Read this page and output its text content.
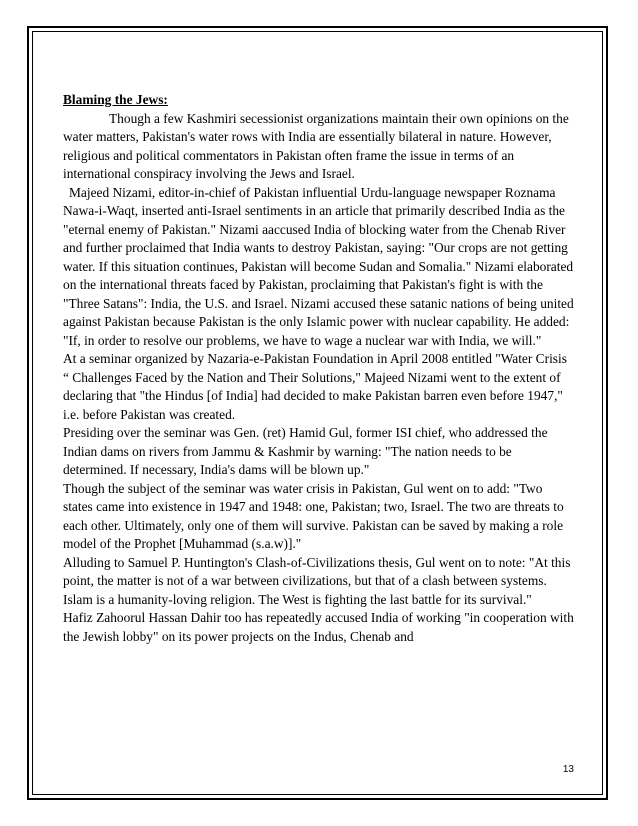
Blaming the Jews:

Though a few Kashmiri secessionist organizations maintain their own opinions on the water matters, Pakistan's water rows with India are essentially bilateral in nature. However, religious and political commentators in Pakistan often frame the issue in terms of an international conspiracy involving the Jews and Israel.

Majeed Nizami, editor-in-chief of Pakistan influential Urdu-language newspaper Roznama Nawa-i-Waqt, inserted anti-Israel sentiments in an article that primarily described India as the "eternal enemy of Pakistan." Nizami aaccused India of blocking water from the Chenab River and further proclaimed that India wants to destroy Pakistan, saying: "Our crops are not getting water. If this situation continues, Pakistan will become Sudan and Somalia." Nizami elaborated on the international threats faced by Pakistan, proclaiming that Pakistan's fight is with the "Three Satans": India, the U.S. and Israel. Nizami accused these satanic nations of being united against Pakistan because Pakistan is the only Islamic power with nuclear capability. He added: "If, in order to resolve our problems, we have to wage a nuclear war with India, we will."

At a seminar organized by Nazaria-e-Pakistan Foundation in April 2008 entitled "Water Crisis “ Challenges Faced by the Nation and Their Solutions," Majeed Nizami went to the extent of declaring that "the Hindus [of India] had decided to make Pakistan barren even before 1947," i.e. before Pakistan was created.

Presiding over the seminar was Gen. (ret) Hamid Gul, former ISI chief, who addressed the Indian dams on rivers from Jammu & Kashmir by warning: "The nation needs to be determined. If necessary, India's dams will be blown up."

Though the subject of the seminar was water crisis in Pakistan, Gul went on to add: "Two states came into existence in 1947 and 1948: one, Pakistan; two, Israel. The two are threats to each other. Ultimately, only one of them will survive. Pakistan can be saved by making a role model of the Prophet [Muhammad (s.a.w)]."

Alluding to Samuel P. Huntington's Clash-of-Civilizations thesis, Gul went on to note: "At this point, the matter is not of a war between civilizations, but that of a clash between systems. Islam is a humanity-loving religion. The West is fighting the last battle for its survival."

Hafiz Zahoorul Hassan Dahir too has repeatedly accused India of working "in cooperation with the Jewish lobby" on its power projects on the Indus, Chenab and

13
